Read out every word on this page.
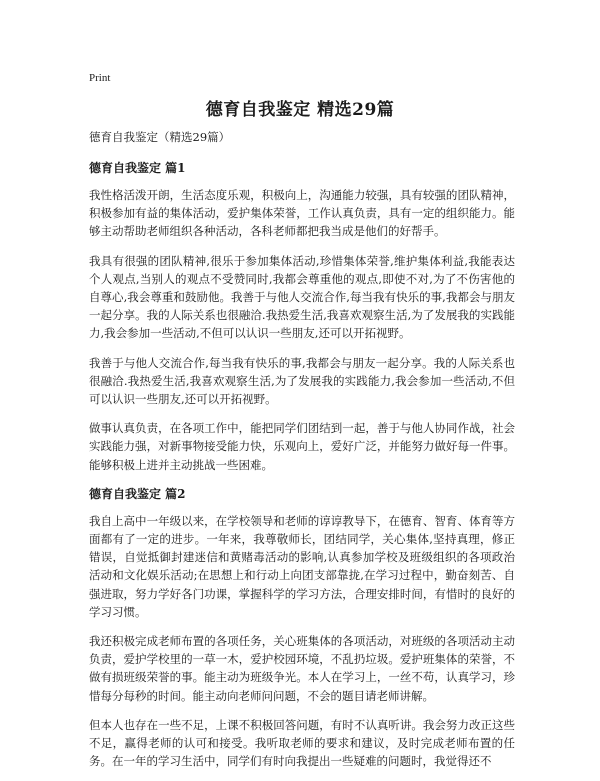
Print
德育自我鉴定 精选29篇

德育自我鉴定（精选29篇）

德育自我鉴定 篇1

我性格活泼开朗，生活态度乐观，积极向上，沟通能力较强，具有较强的团队精神，积极参加有益的集体活动，爱护集体荣誉，工作认真负责，具有一定的组织能力。能够主动帮助老师组织各种活动，各科老师都把我当成是他们的好帮手。

我具有很强的团队精神,很乐于参加集体活动,珍惜集体荣誉,维护集体利益,我能表达个人观点,当别人的观点不受赞同时,我都会尊重他的观点,即使不对,为了不伤害他的自尊心,我会尊重和鼓励他。我善于与他人交流合作,每当我有快乐的事,我都会与朋友一起分享。我的人际关系也很融洽.我热爱生活,我喜欢观察生活,为了发展我的实践能力,我会参加一些活动,不但可以认识一些朋友,还可以开拓视野。

我善于与他人交流合作,每当我有快乐的事,我都会与朋友一起分享。我的人际关系也很融洽.我热爱生活,我喜欢观察生活,为了发展我的实践能力,我会参加一些活动,不但可以认识一些朋友,还可以开拓视野。

做事认真负责，在各项工作中，能把同学们团结到一起，善于与他人协同作战，社会实践能力强，对新事物接受能力快，乐观向上，爱好广泛，并能努力做好每一件事。能够积极上进并主动挑战一些困难。

德育自我鉴定 篇2

我自上高中一年级以来，在学校领导和老师的谆谆教导下，在德育、智育、体育等方面都有了一定的进步。一年来，我尊敬师长，团结同学，关心集体,坚持真理，修正错误，自觉抵御封建迷信和黄赌毒活动的影响,认真参加学校及班级组织的各项政治活动和文化娱乐活动;在思想上和行动上向团支部靠拢,在学习过程中，勤奋刻苦、自强进取，努力学好各门功课，掌握科学的学习方法，合理安排时间，有惜时的良好的学习习惯。

我还积极完成老师布置的各项任务，关心班集体的各项活动，对班级的各项活动主动负责，爱护学校里的一草一木，爱护校园环境，不乱扔垃圾。爱护班集体的荣誉，不做有损班级荣誉的事。能主动为班级争光。本人在学习上，一丝不苟，认真学习，珍惜每分每秒的时间。能主动向老师问问题，不会的题目请老师讲解。

但本人也存在一些不足，上课不积极回答问题，有时不认真听讲。我会努力改正这些不足，赢得老师的认可和接受。我听取老师的要求和建议，及时完成老师布置的任务。在一年的学习生活中，同学们有时向我提出一些疑难的问题时，我觉得还不
